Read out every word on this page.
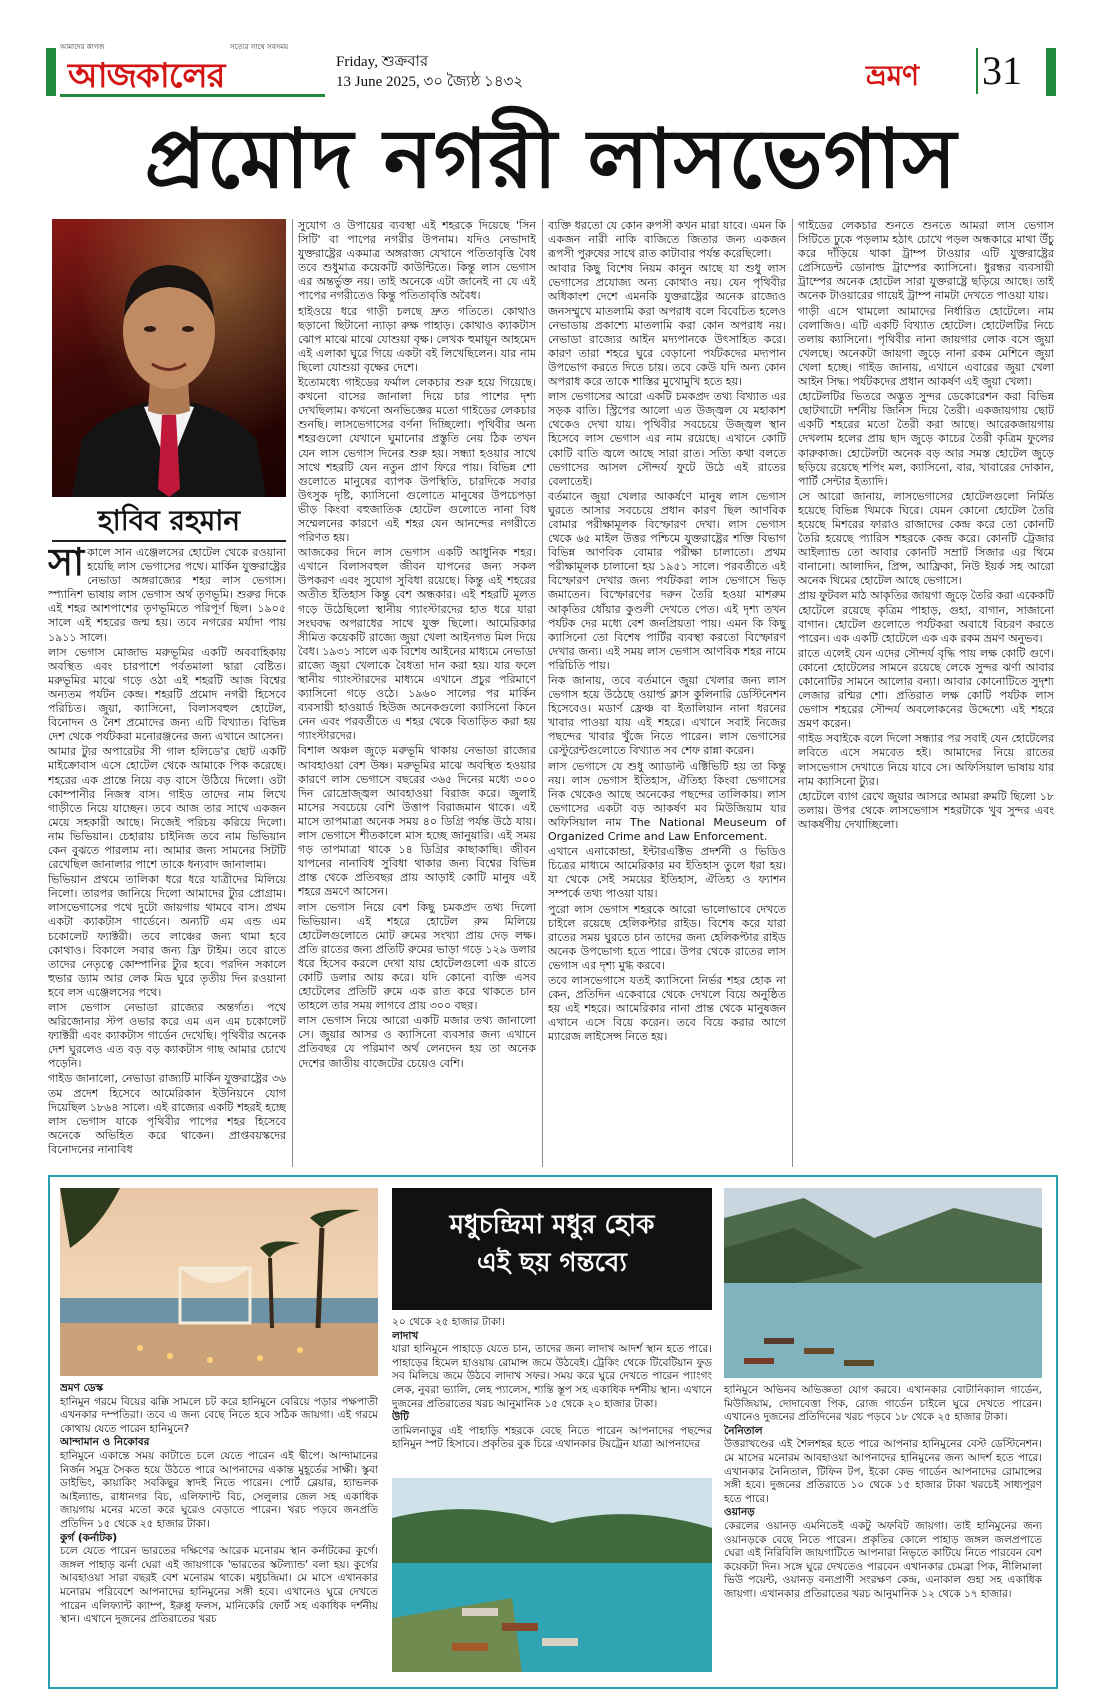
আমাদের কাগজ	সত্যের সাথে সবসময়
আজকালের	Friday, শুক্রবার
13 June 2025, ৩০ জ্যৈষ্ঠ ১৪৩২	ভ্রমণ 31
প্রমোদ নগরী লাসভেগাস
হাবিব রহমান

সাকালে সান এঞ্জেলসের হোটেল থেকে রওয়ানা হয়েছি লাস ভেগাসের পথে। মার্কিন যুক্তরাষ্ট্রের নেভাডা অঙ্গরাজ্যের শহর লাস ভেগাস। স্প্যানিশ ভাষায় লাস ভেগাস অর্থ তৃণভূমি। শুরুর দিকে এই শহর আশপাশের তৃণভূমিতে পরিপূর্ণ ছিল। ১৯০৫ সালে এই শহরের জন্ম হয়। তবে নগরের মর্যাদা পায় ১৯১১ সালে।

লাস ভেগাস মোজাভ মরুভূমির একটি অববাহিকায় অবস্থিত এবং চারপাশে পর্বতমালা দ্বারা বেষ্টিত। মরুভূমির মাঝে গড়ে ওঠা এই শহরটি আজ বিশ্বের অন্যতম পর্যটন কেন্দ্র। শহরটি প্রমোদ নগরী হিসেবে পরিচিত। জুয়া, ক্যাসিনো, বিলাসবহুল হোটেল, বিনোদন ও নৈশ প্রমোদের জন্য এটি বিখ্যাত। বিভিন্ন দেশ থেকে পর্যটকরা মনোরঞ্জনের জন্য এখানে আসেন।

আমার ট্যুর অপারেটর সী গাল হলিডে'র ছোট একটি মাইক্রোবাস এসে হোটেল থেকে আমাকে পিক করেছে। শহরের এক প্রান্তে নিয়ে বড় বাসে উঠিয়ে দিলো। ওটা কোম্পানীর নিজস্ব বাস। গাইড তাদের নাম লিখে গাড়ীতে নিয়ে যাচ্ছেন। তবে আজ তার সাথে একজন মেয়ে সহকারী আছে। নিজেই পরিচয় করিয়ে দিলো। নাম ভিভিয়ান। চেহারায় চাইনিজ তবে নাম ভিভিয়ান কেন বুঝতে পারলাম না। আমার জন্য সামনের সিটটি রেখেছিল জানালার পাশে তাকে ধন্যবাদ জানালাম।

ভিভিয়ান প্রথমে তালিকা ধরে ধরে যাত্রীদের মিলিয়ে নিলো। তারপর জানিয়ে দিলো আমাদের ট্যুর প্রোগ্রাম। লাসভেগাসের পথে দুটো জায়গায় থামবে বাস। প্রথম একটা ক্যাকটাস গার্ডেনে। অন্যটি এম এন্ড এম চকোলেট ফ্যাক্টরী। তবে লাঞ্চের জন্য থামা হবে কোথাও। বিকালে সবার জন্য ফ্রি টাইম। তবে রাতে তাদের নেতৃত্বে কোম্পানির ট্যুর হবে। পরদিন সকালে হুভার ড্যাম আর লেক মিড ঘুরে তৃতীয় দিন রওয়ানা হবে লস এঞ্জেলসের পথে।

লাস ভেগাস নেভাডা রাজ্যের অন্তর্গত। পথে অরিজোনার স্টপ ওভার করে এম এন এম চকোলেট ফ্যাক্টরী এবং ক্যাকটাস গার্ডেন দেখেছি। পৃথিবীর অনেক দেশ ঘুরলেও এত বড় বড় ক্যাকটাস গাছ আমার চোখে পড়েনি।

গাইড জানালো, নেভাডা রাজ্যটি মার্কিন যুক্তরাষ্ট্রের ৩৬ তম প্রদেশ হিসেবে আমেরিকান ইউনিয়নে যোগ দিয়েছিল ১৮৬৪ সালে। এই রাজ্যের একটি শহরই হচ্ছে লাস ভেগাস যাকে পৃথিবীর পাপের শহর হিসেবে অনেকে অভিহিত করে থাকেন। প্রাপ্তবয়স্কদের বিনোদনের নানাবিধ

সুযোগ ও উপায়ের ব্যবস্থা এই শহরকে দিয়েছে 'সিন সিটি' বা পাপের নগরীর উপনাম। যদিও নেভাদাই যুক্তরাষ্ট্রের একমাত্র অঙ্গরাজ্য যেখানে পতিতাবৃত্তি বৈধ তবে শুধুমাত্র কয়েকটি কাউন্টিতে। কিন্তু লাস ভেগাস এর অন্তর্ভুক্ত নয়। তাই অনেকে এটা জানেই না যে এই পাপের নগরীতেও কিন্তু পতিতাবৃত্তি অবৈধ।

হাইওয়ে ধরে গাড়ী চলছে দ্রুত গতিতে। কোথাও ছড়ানো ছিটানো ন্যাড়া রুক্ষ পাহাড়। কোথাও ক্যাকটাস ঝোপ মাঝে মাঝে যোশুয়া বৃক্ষ। লেখক হুমায়ূন আহমেদ এই এলাকা ঘুরে গিয়ে একটা বই লিখেছিলেন। যার নাম ছিলো যোশুয়া বৃক্ষের দেশে।

ইতোমধ্যে গাইডের ফর্মাল লেকচার শুরু হয়ে গিয়েছে। কখনো বাসের জানালা দিয়ে চার পাশের দৃশ্য দেখছিলাম। কখনো অনভিজ্ঞের মতো গাইডের লেকচার শুনছি। লাসভেগাসের বর্ণনা দিচ্ছিলো। পৃথিবীর অন্য শহরগুলো যেখানে ঘুমানোর প্রস্তুতি নেয় ঠিক তখন যেন লাস ভেগাস দিনের শুরু হয়। সন্ধ্যা হওয়ার সাথে সাথে শহরটি যেন নতুন প্রাণ ফিরে পায়। বিভিন্ন শো গুলোতে মানুষের ব্যাপক উপস্থিতি, চারদিকে সবার উৎসুক দৃষ্টি, ক্যাসিনো গুলোতে মানুষের উপচেপড়া ভীড় কিংবা বহুজাতিক হোটেল গুলোতে নানা বিধ সম্মেলনের কারণে এই শহর যেন আনন্দের নগরীতে পরিণত হয়।

আজকের দিনে লাস ভেগাস একটি আধুনিক শহর। এখানে বিলাসবহুল জীবন যাপনের জন্য সকল উপকরণ এবং সুযোগ সুবিধা রয়েছে। কিন্তু এই শহরের অতীত ইতিহাস কিন্তু বেশ অন্ধকার। এই শহরটি মূলত গড়ে উঠেছিলো স্থানীয় গ্যাংস্টারদের হাত ধরে যারা সংঘবদ্ধ অপরাধের সাথে যুক্ত ছিলো। আমেরিকার সীমিত কয়েকটি রাজ্যে জুয়া খেলা আইনগত মিল দিয়ে বৈধ। ১৯৩১ সালে এক বিশেষ আইনের মাধ্যমে নেভাডা রাজ্যে জুয়া খেলাকে বৈধতা দান করা হয়। যার ফলে স্থানীয় গ্যাংস্টারদের মাধ্যমে এখানে প্রচুর পরিমাণে ক্যাসিনো গড়ে ওঠে। ১৯৬০ সালের পর মার্কিন ব্যবসায়ী হাওয়ার্ড হিউজ অনেকগুলো ক্যাসিনো কিনে নেন এবং পরবর্তীতে এ শহর থেকে বিতাড়িত করা হয় গ্যাংস্টারদের।

বিশাল অঞ্চল জুড়ে মরুভূমি থাকায় নেভাডা রাজ্যের আবহাওয়া বেশ উষ্ণ। মরুভূমির মাঝে অবস্থিত হওয়ার কারণে লাস ভেগাসে বছরের ৩৬৫ দিনের মধ্যে ৩০০ দিন রোদ্রোজ্জ্বল আবহাওয়া বিরাজ করে। জুলাই মাসের সবচেয়ে বেশি উত্তাপ বিরাজমান থাকে। এই মাসে তাপমাত্রা অনেক সময় ৪০ ডিগ্রি পর্যন্ত উঠে যায়। লাস ভেগাসে শীতকালে মাস হচ্ছে জানুয়ারি। এই সময় গড় তাপমাত্রা থাকে ১৪ ডিগ্রির কাছাকাছি। জীবন যাপনের নানাবিধ সুবিধা থাকার জন্য বিশ্বের বিভিন্ন প্রান্ত থেকে প্রতিবছর প্রায় আড়াই কোটি মানুষ এই শহরে ভ্রমণে আসেন।

লাস ভেগাস নিয়ে বেশ কিছু চমকপ্রদ তথ্য দিলো ভিভিয়ান। এই শহরে হোটেল রুম মিলিয়ে হোটেলগুলোতে মোট রুমের সংখ্যা প্রায় দেড় লক্ষ। প্রতি রাতের জন্য প্রতিটি রুমের ভাড়া গড়ে ১২৯ ডলার ধরে হিসেব করলে দেখা যায় হোটেলগুলো এক রাতে কোটি ডলার আয় করে। যদি কোনো ব্যক্তি এসব হোটেলের প্রতিটি রুমে এক রাত করে থাকতে চান তাহলে তার সময় লাগবে প্রায় ৩০০ বছর।

লাস ভেগাস নিয়ে আরো একটি মজার তথ্য জানালো সে। জুয়ার আসর ও ক্যাসিনো ব্যবসার জন্য এখানে প্রতিবছর যে পরিমাণ অর্থ লেনদেন হয় তা অনেক দেশের জাতীয় বাজেটের চেয়েও বেশি।

ব্যক্তি ধরতো যে কোন রুপসী কখন মারা যাবে। এমন কি একজন নারী নাকি বাজিতে জিতার জন্য একজন রূপসী পুরুষের সাথে রাত কাটাবার পর্যন্ত করেছিলো।

আবার কিছু বিশেষ নিয়ম কানুন আছে যা শুধু লাস ভেগাসের প্রযোজ্য অন্য কোথাও নয়। যেন পৃথিবীর অধিকাংশ দেশে এমনকি যুক্তরাষ্ট্রের অনেক রাজ্যেও জনসম্মুখে মাতলামি করা অপরাধ বলে বিবেচিত হলেও নেভাডায় প্রকাশ্যে মাতলামি করা কোন অপরাধ নয়। নেভাডা রাজ্যের আইন মদ্যপানকে উৎসাহিত করে। কারণ তারা শহরে ঘুরে বেড়ানো পর্যটকদের মদ্যপান উপভোগ করতে দিতে চায়। তবে কেউ যদি অন্য কোন অপরাধ করে তাকে শাস্তির মুখোমুখি হতে হয়।

লাস ভেগাসের আরো একটি চমকপ্রদ তথ্য বিখ্যাত এর সড়ক বাতি। স্ট্রিপের আলো এত উজ্জ্বল যে মহাকাশ থেকেও দেখা যায়। পৃথিবীর সবচেয়ে উজ্জ্বল স্থান হিসেবে লাস ভেগাস এর নাম রয়েছে। এখানে কোটি কোটি বাতি জ্বলে আছে সারা রাত। সত্যি কথা বলতে ভেগাসের আসল সৌন্দর্য ফুটে উঠে এই রাতের বেলাতেই।

বর্তমানে জুয়া খেলার আকর্ষণে মানুষ লাস ভেগাস ঘুরতে আসার সবচেয়ে প্রধান কারণ ছিল আণবিক বোমার পরীক্ষামূলক বিস্ফোরণ দেখা। লাস ভেগাস থেকে ৬৫ মাইল উত্তর পশ্চিমে যুক্তরাষ্ট্রের শক্তি বিভাগ বিভিন্ন আণবিক বোমার পরীক্ষা চালাতো। প্রথম পরীক্ষামূলক চালানো হয় ১৯৫১ সালে। পরবর্তীতে এই বিস্ফোরণ দেখার জন্য পর্যটকরা লাস ভেগাসে ভিড় জমাতেন। বিস্ফোরণের দরুন তৈরি হওয়া মাশরুম আকৃতির ধোঁয়ার কুণ্ডলী দেখতে পেত। এই দৃশ্য তখন পর্যটক দের মধ্যে বেশ জনপ্রিয়তা পায়। এমন কি কিছু ক্যাসিনো তো বিশেষ পার্টির ব্যবস্থা করতো বিস্ফোরণ দেখার জন্য। এই সময় লাস ভেগাস আণবিক শহর নামে পরিচিতি পায়।

নিক জানায়, তবে বর্তমানে জুয়া খেলার জন্য লাস ভেগাস হয়ে উঠেছে ওয়ার্ল্ড ক্লাস কুলিনারি ডেস্টিনেশন হিসেবেও। মডার্ণ ফ্রেঞ্চ বা ইতালিয়ান নানা ধরনের খাবার পাওয়া যায় এই শহরে। এখানে সবাই নিজের পছন্দের খাবার খুঁজে নিতে পারেন। লাস ভেগাসের রেস্টুরেন্টগুলোতে বিখ্যাত সব শেফ রান্না করেন।

লাস ভেগাসে যে শুধু অ্যাডাল্ট এক্টিভিটি হয় তা কিন্তু নয়। লাস ভেগাস ইতিহাস, ঐতিহ্য কিংবা ভেগাসের নিক থেকেও আছে অনেকের পছন্দের তালিকায়। লাস ভেগাসের একটা বড় আকর্ষণ মব মিউজিয়াম যার অফিসিয়াল নাম The National Meuseum of Organized Crime and Law Enforcement.

এখানে এনাকোন্ডা, ইন্টারএক্টিভ প্রদর্শনী ও ভিডিও চিত্রের মাধ্যমে আমেরিকার মব ইতিহাস তুলে ধরা হয়। যা থেকে সেই সময়ের ইতিহাস, ঐতিহ্য ও ফ্যাশন সম্পর্কে তথ্য পাওয়া যায়।

পুরো লাস ভেগাস শহরকে আরো ভালোভাবে দেখতে চাইলে রয়েছে হেলিকপ্টার রাইড। বিশেষ করে যারা রাতের সময় ঘুরতে চান তাদের জন্য হেলিকপ্টার রাইড অনেক উপভোগ্য হতে পারে। উপর থেকে রাতের লাস ভেগাস এর দৃশ্য মুগ্ধ করবে।

তবে লাসভেগাসে যতই ক্যাসিনো নির্ভর শহর হোক না কেন, প্রতিদিন একেবারে থেকে দেখলে বিয়ে অনুষ্ঠিত হয় এই শহরে। আমেরিকার নানা প্রান্ত থেকে মানুষজন এখানে এসে বিয়ে করেন। তবে বিয়ে করার আগে ম্যারেজ লাইসেন্স নিতে হয়।

গাইডের লেকচার শুনতে শুনতে আমরা লাস ভেগাস সিটিতে ঢুকে পড়লাম হঠাৎ চোখে পড়ল অন্ধকারে মাথা উঁচু করে দাঁড়িয়ে থাকা ট্রাম্প টাওয়ার এটি যুক্তরাষ্ট্রের প্রেসিডেন্ট ডোনাল্ড ট্রাম্পের ক্যাসিনো। ধুরন্ধর ব্যবসায়ী ট্রাম্পের অনেক হোটেল সারা যুক্তরাষ্ট্রে ছড়িয়ে আছে। তাই অনেক টাওয়ারের গায়েই ট্রাম্প নামটা দেখতে পাওয়া যায়।

গাড়ী এসে থামলো আমাদের নির্ধারিত হোটেলে। নাম বেলাজিও। এটি একটি বিখ্যাত হোটেল। হোটেলটির নিচে তলায় ক্যাসিনো। পৃথিবীর নানা জায়গার লোক বসে জুয়া খেলছে। অনেকটা জায়গা জুড়ে নানা রকম মেশিনে জুয়া খেলা হচ্ছে। গাইড জানায়, এখানে এবারের জুয়া খেলা আইন সিদ্ধ। পর্যটকদের প্রধান আকর্ষণ এই জুয়া খেলা।

হোটেলটির ভিতরে অদ্ভুত সুন্দর ডেকোরেশন করা বিভিন্ন ছোটখাটো দর্শনীয় জিনিস দিয়ে তৈরী। একজায়গায় ছোট একটি শহরের মতো তৈরী করা আছে। আরেকজায়গায় দেখলাম হলের প্রায় ছাদ জুড়ে কাচের তৈরী কৃত্রিম ফুলের কারুকাজ। হোটেলটা অনেক বড় আর সমস্ত হোটেল জুড়ে ছড়িয়ে রয়েছে শপিং মল, ক্যাসিনো, বার, খাবারের দোকান, পার্টি সেন্টার ইত্যাদি।

সে আরো জানায়, লাসভেগাসের হোটেলগুলো নির্মিত হয়েছে বিভিন্ন থিমকে ঘিরে। যেমন কোনো হোটেল তৈরি হয়েছে মিশরের ফারাও রাজাদের কেন্দ্র করে তো কোনটি তৈরি হয়েছে প্যারিস শহরকে কেন্দ্র করে। কোনটি ট্রেজার আইল্যান্ড তো আবার কোনটি সম্রাট সিজার এর থিমে বানানো। আলাদিন, প্রিন্স, আফ্রিকা, নিউ ইয়র্ক সহ আরো অনেক থিমের হোটেল আছে ভেগাসে।

প্রায় ফুটবল মাঠ আকৃতির জায়গা জুড়ে তৈরি করা একেকটি হোটেলে রয়েছে কৃত্রিম পাহাড়, গুহা, বাগান, সাজানো বাগান। হোটেল গুলোতে পর্যটকরা অবাধে বিচরণ করতে পারেন। এক একটি হোটেলে এক এক রকম ভ্রমণ অনুভব।

রাতে এলেই যেন এদের সৌন্দর্য বৃদ্ধি পায় লক্ষ কোটি গুণে। কোনো হোটেলের সামনে রয়েছে লেকে সুন্দর ঝর্ণা আবার কোনোটির সামনে আলোর বন্যা। আবার কোনোটিতে সুদৃশ্য লেজার রশ্মির শো। প্রতিরাত লক্ষ কোটি পর্যটক লাস ভেগাস শহরের সৌন্দর্য অবলোকনের উদ্দেশ্যে এই শহরে ভ্রমণ করেন।

গাইড সবাইকে বলে দিলো সন্ধ্যার পর সবাই যেন হোটেলের লবিতে এসে সমবেত হই। আমাদের নিয়ে রাতের লাসভেগাস দেখাতে নিয়ে যাবে সে। অফিসিয়াল ভাষায় যার নাম ক্যাসিনো ট্যুর।

হোটেলে ব্যাগ রেখে জুয়ার আসরে আমরা রুমটি ছিলো ১৮ তলায়। উপর থেকে লাসভেগাস শহরটাকে খুব সুন্দর এবং আকর্ষণীয় দেখাচ্ছিলো।

মধুচন্দ্রিমা মধুর হোক
এই ছয় গন্তব্যে
ভ্রমণ ডেস্ক
হানিমুন গরমে বিয়ের ঝক্কি সামলে চট করে হানিমুনে বেরিয়ে পড়ার পক্ষপাতী এখনকার দম্পতিরা। তবে এ জন্য বেছে নিতে হবে সঠিক জায়গা। এই গরমে কোথায় যেতে পারেন হানিমুনে?
আন্দামান ও নিকোবর
হানিমুনে একান্তে সময় কাটাতে চলে যেতে পারেন এই দ্বীপে। আন্দামানের নির্জন সমুদ্র সৈকত হয়ে উঠতে পারে আপনাদের একান্ত মুহূর্তের সাক্ষী। স্কুবা ডাইভিং, কায়াকিং সবকিছুর স্বাদই নিতে পারেন। পোর্ট ব্লেয়ার, হ্যাভলক আইল্যান্ড, রাধানগর বিচ, এলিফ্যান্ট বিচ, সেলুলার জেল সহ একাধিক জায়গায় মনের মতো করে ঘুরেও বেড়াতে পারেন। খরচ পড়বে জনপ্রতি প্রতিদিন ১৫ থেকে ২৫ হাজার টাকা।
কুর্গ (কর্নাটক)
চলে যেতে পারেন ভারতের দক্ষিণের আরেক মনোরম স্থান কর্নাটকের কুর্গে। জঙ্গল পাহাড় ঝর্না ঘেরা এই জায়গাকে 'ভারতের স্কটল্যান্ড' বলা হয়। কুর্গের আবহাওয়া সারা বছরই বেশ মনোরম থাকে। মধুচন্দ্রিমা। মে মাসে এখানকার মনোরম পরিবেশে আপনাদের হানিমুনের সঙ্গী হবে। এখানেও ঘুরে দেখতে পারেন এলিফ্যান্ট ক্যাম্প, ইরুপ্পু ফলস, মানিকেরি ফোর্ট সহ একাধিক দর্শনীয় স্থান। এখানে দুজনের প্রতিরাতের খরচ
২০ থেকে ২৫ হাজার টাকা।
লাদাখ
যারা হানিমুনে পাহাড়ে যেতে চান, তাদের জন্য লাদাখ আদর্শ স্থান হতে পারে। পাহাড়ের হিমেল হাওয়ায় রোমান্স জমে উঠবেই। ট্রেকিং থেকে টিবেটিয়ান ফুড সব মিলিয়ে জমে উঠবে লাদাখ সফর। সময় করে ঘুরে দেখতে পারেন প্যাংগং লেক, নুবরা ভ্যালি, লেহ প্যালেস, শান্তি স্তূপ সহ একাধিক দর্শনীয় স্থান। এখানে দুজনের প্রতিরাতের খরচ আনুমানিক ১৫ থেকে ২০ হাজার টাকা।
উটি
তামিলনাড়ুর এই পাহাড়ি শহরকে বেছে নিতে পারেন আপনাদের পছন্দের হানিমুন স্পট হিসাবে। প্রকৃতির বুক চিরে এখানকার টয়ট্রেন যাত্রা আপনাদের
হানিমুনে অভিনব অভিজ্ঞতা যোগ করবে। এখানকার বোটানিক্যাল গার্ডেন, মিউজিয়াম, দোদাবেত্তা পিক, রোজ গার্ডেন চাইলে ঘুরে দেখতে পারেন। এখানেও দুজনের প্রতিদিনের খরচ পড়বে ১৮ থেকে ২৫ হাজার টাকা।
নৈনিতাল
উত্তরাখণ্ডের এই শৈলশহর হতে পারে আপনার হানিমুনের বেস্ট ডেস্টিনেশন। মে মাসের মনোরম আবহাওয়া আপনাদের হানিমুনের জন্য আদর্শ হতে পারে। এখানকার নৈনিতাল, টিফিন টপ, ইকো কেভ গার্ডেন আপনাদের রোমান্সের সঙ্গী হবে। দুজনের প্রতিরাতে ১০ থেকে ১৫ হাজার টাকা খরচেই সাধ্যপূরণ হতে পারে।
ওয়ানড়
কেরলের ওয়ানড় এমনিতেই একটু অফবিট জায়গা। তাই হানিমুনের জন্য ওয়ানড়কে বেছে নিতে পারেন। প্রকৃতির কোলে পাহাড় জঙ্গল জলপ্রপাতে ঘেরা এই নিরিবিলি জায়গাটিতে আপনারা নিভৃতে কাটিয়ে নিতে পারবেন বেশ কয়েকটা দিন। সঙ্গে ঘুরে দেখতেও পারবেন এখানকার চেমব্রা পিক, নীলিমালা ভিউ পয়েন্ট, ওয়ানড় বন্যপ্রাণী সংরক্ষণ কেন্দ্র, এনাকাল গুহা সহ একাধিক জায়গা। এখানকার প্রতিরাতের খরচ আনুমানিক ১২ থেকে ১৭ হাজার।
